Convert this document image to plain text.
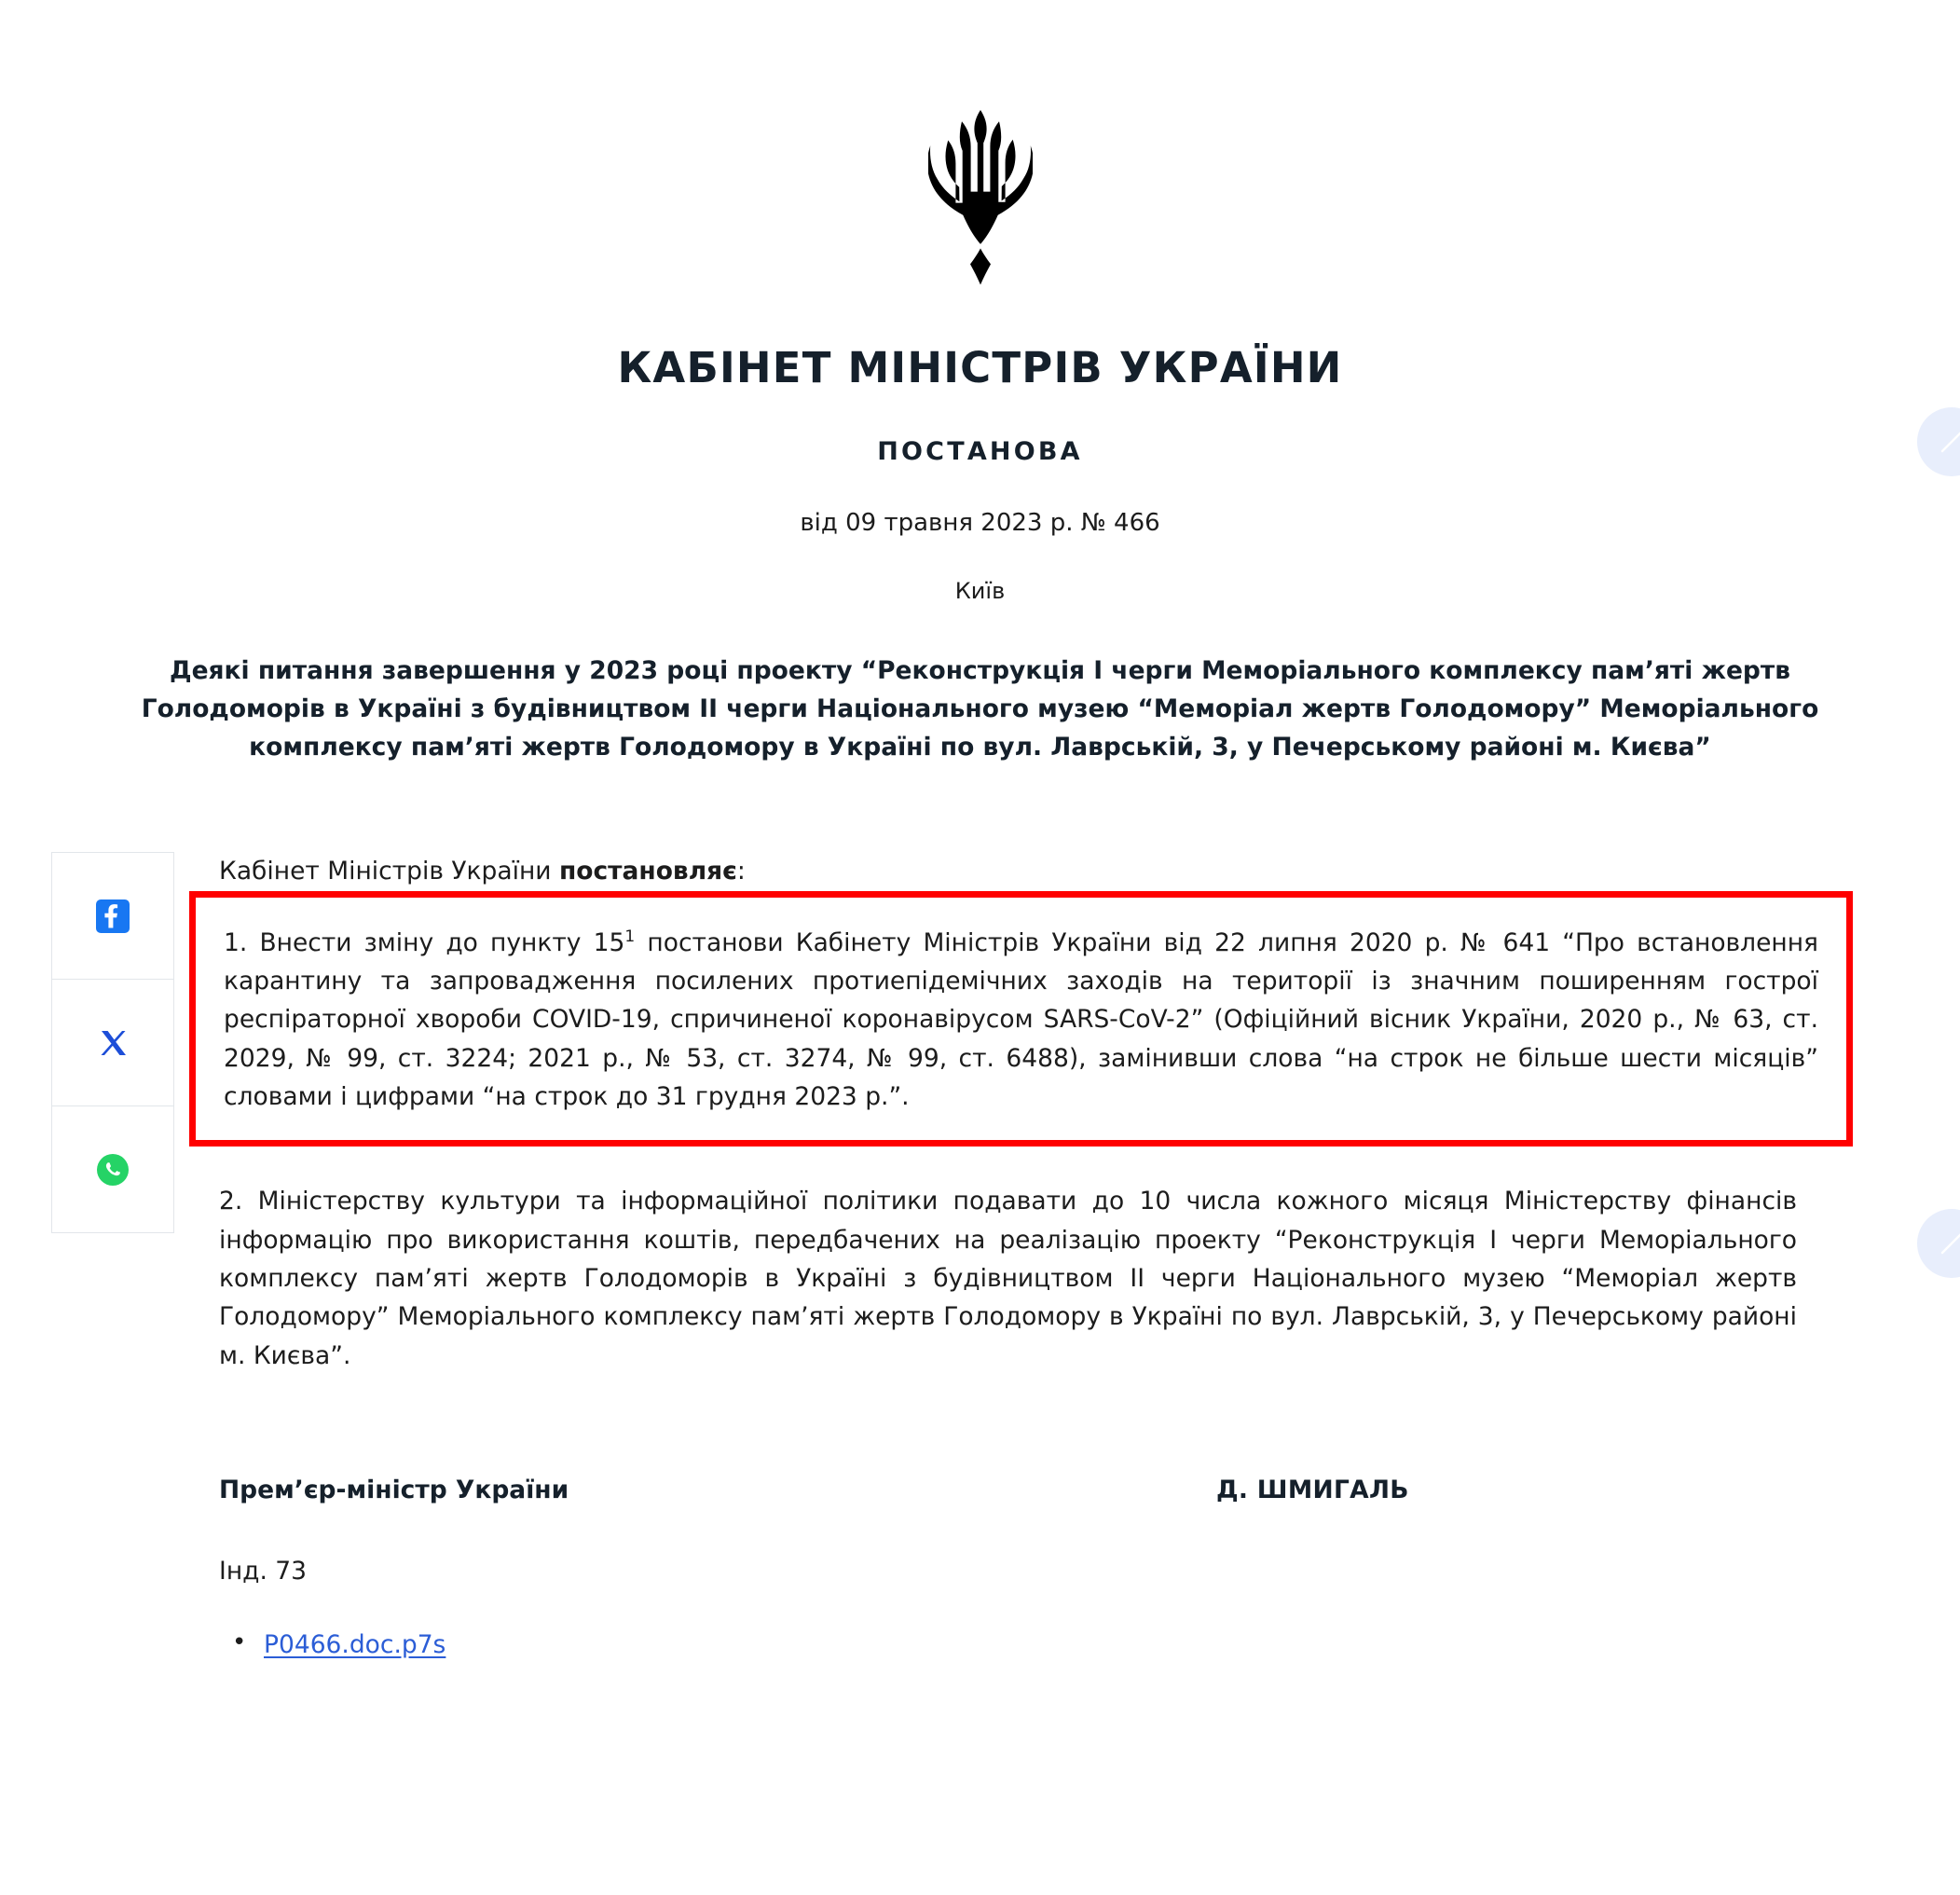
КАБІНЕТ МІНІСТРІВ УКРАЇНИ
ПОСТАНОВА
від 09 травня 2023 р. № 466
Київ
Деякі питання завершення у 2023 році проекту “Реконструкція I черги Меморіального комплексу пам’яті жертв Голодоморів в Україні з будівництвом II черги Національного музею “Меморіал жертв Голодомору” Меморіального комплексу пам’яті жертв Голодомору в Україні по вул. Лаврській, 3, у Печерському районі м. Києва”

Кабінет Міністрів України постановляє:

1. Внести зміну до пункту 15$^1$ постанови Кабінету Міністрів України від 22 липня 2020 р. № 641 “Про встановлення карантину та запровадження посилених протиепідемічних заходів на території із значним поширенням гострої респіраторної хвороби COVID-19, спричиненої коронавірусом SARS-CoV-2” (Офіційний вісник України, 2020 р., № 63, ст. 2029, № 99, ст. 3224; 2021 р., № 53, ст. 3274, № 99, ст. 6488), замінивши слова “на строк не більше шести місяців” словами і цифрами “на строк до 31 грудня 2023 р.”.

2. Міністерству культури та інформаційної політики подавати до 10 числа кожного місяця Міністерству фінансів інформацію про використання коштів, передбачених на реалізацію проекту “Реконструкція I черги Меморіального комплексу пам’яті жертв Голодоморів в Україні з будівництвом II черги Національного музею “Меморіал жертв Голодомору” Меморіального комплексу пам’яті жертв Голодомору в Україні по вул. Лаврській, 3, у Печерському районі м. Києва”.

Прем’єр-міністр України	Д. ШМИГАЛЬ
Інд. 73
• P0466.doc.p7s
